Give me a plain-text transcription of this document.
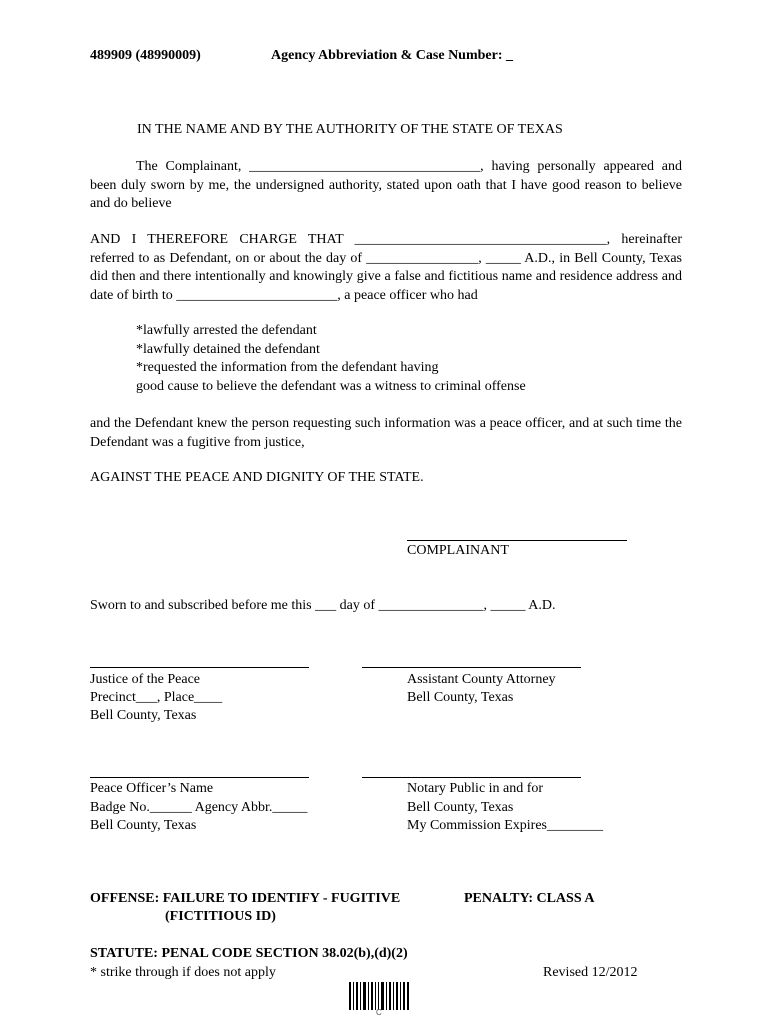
489909 (48990009)	Agency Abbreviation & Case Number: _
IN THE NAME AND BY THE AUTHORITY OF THE STATE OF TEXAS
The Complainant, _________________________________, having personally appeared and been duly sworn by me, the undersigned authority, stated upon oath that I have good reason to believe and do believe
AND I THEREFORE CHARGE THAT ____________________________________, hereinafter referred to as Defendant, on or about the day of ________________, _____ A.D., in Bell County, Texas did then and there intentionally and knowingly give a false and fictitious name and residence address and date of birth to _______________________, a peace officer who had
*lawfully arrested the defendant
*lawfully detained the defendant
*requested the information from the defendant having
good cause to believe the defendant was a witness to criminal offense
and the Defendant knew the person requesting such information was a peace officer, and at such time the Defendant was a fugitive from justice,
AGAINST THE PEACE AND DIGNITY OF THE STATE.
COMPLAINANT
Sworn to and subscribed before me this ___ day of _______________, _____ A.D.
Justice of the Peace
Precinct___, Place____
Bell County, Texas
Assistant County Attorney
Bell County, Texas
Peace Officer’s Name
Badge No.______ Agency Abbr._____
Bell County, Texas
Notary Public in and for
Bell County, Texas
My Commission Expires________
OFFENSE: FAILURE TO IDENTIFY - FUGITIVE
(FICTITIOUS ID)
PENALTY: CLASS A
STATUTE: PENAL CODE SECTION 38.02(b),(d)(2)
* strike through if does not apply	Revised 12/2012
C
